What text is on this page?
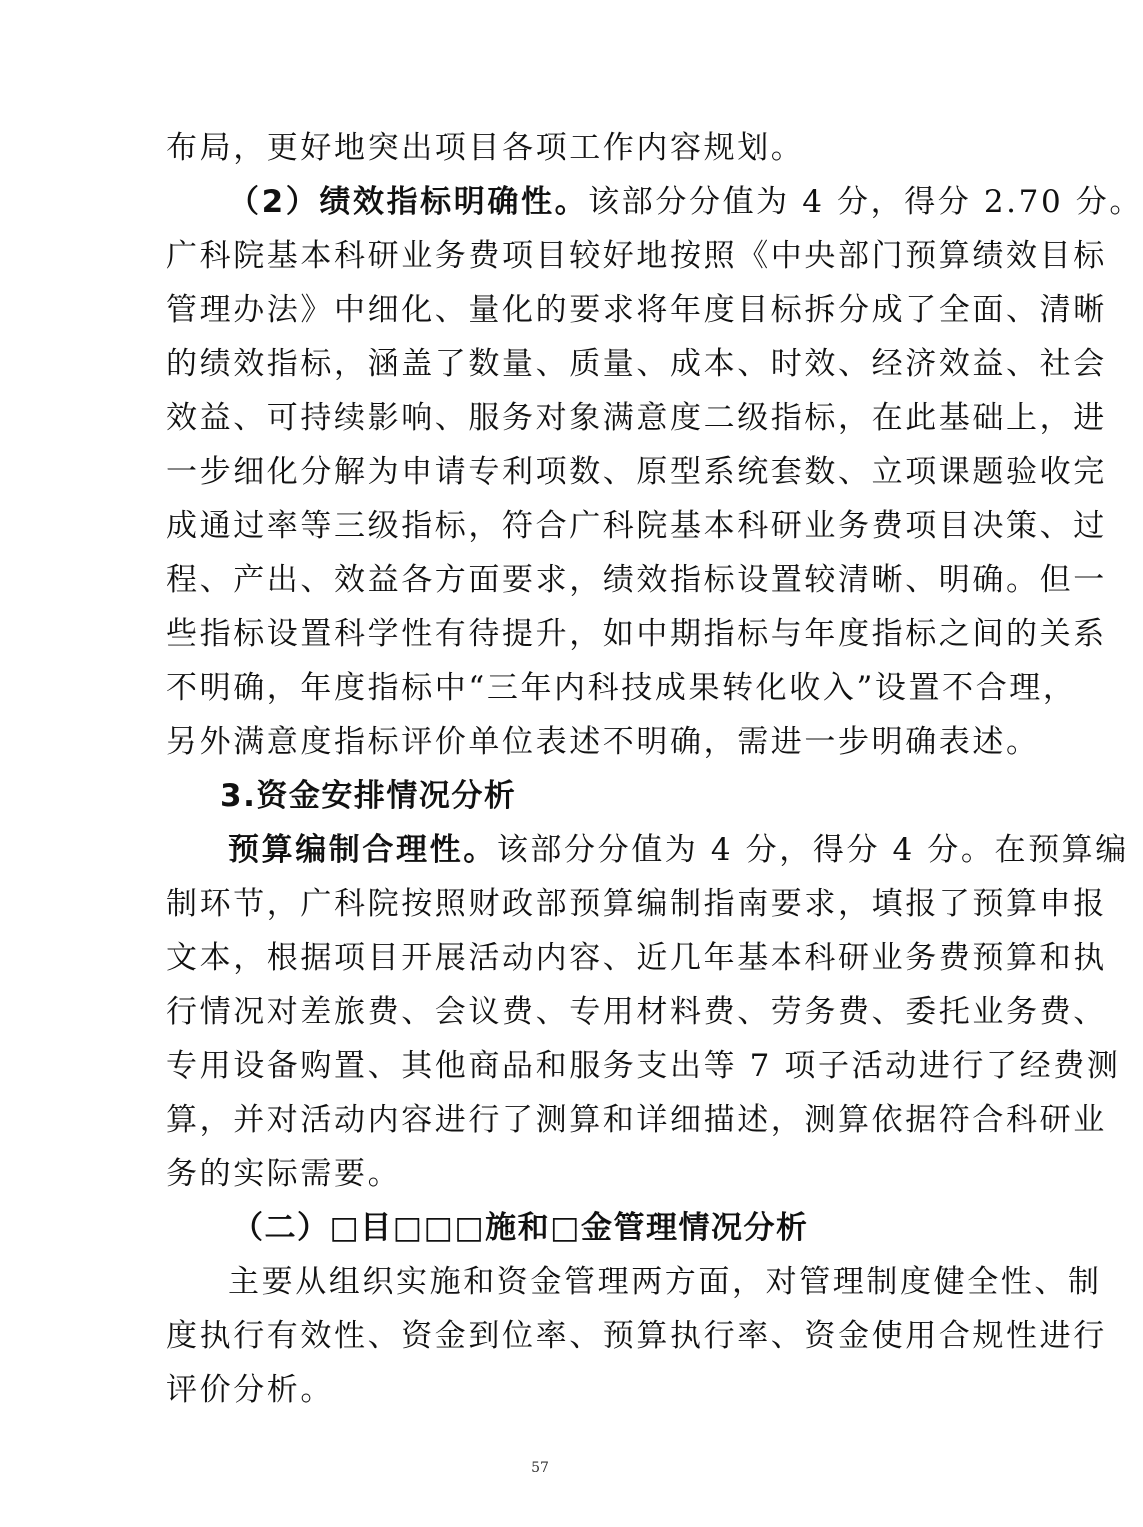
布局，更好地突出项目各项工作内容规划。
（2）绩效指标明确性。该部分分值为 4 分，得分 2.70 分。
广科院基本科研业务费项目较好地按照《中央部门预算绩效目标
管理办法》中细化、量化的要求将年度目标拆分成了全面、清晰
的绩效指标，涵盖了数量、质量、成本、时效、经济效益、社会
效益、可持续影响、服务对象满意度二级指标，在此基础上，进
一步细化分解为申请专利项数、原型系统套数、立项课题验收完
成通过率等三级指标，符合广科院基本科研业务费项目决策、过
程、产出、效益各方面要求，绩效指标设置较清晰、明确。但一
些指标设置科学性有待提升，如中期指标与年度指标之间的关系
不明确，年度指标中“三年内科技成果转化收入”设置不合理，
另外满意度指标评价单位表述不明确，需进一步明确表述。
3.资金安排情况分析
预算编制合理性。该部分分值为 4 分，得分 4 分。在预算编
制环节，广科院按照财政部预算编制指南要求，填报了预算申报
文本，根据项目开展活动内容、近几年基本科研业务费预算和执
行情况对差旅费、会议费、专用材料费、劳务费、委托业务费、
专用设备购置、其他商品和服务支出等 7 项子活动进行了经费测
算，并对活动内容进行了测算和详细描述，测算依据符合科研业
务的实际需要。
（二）□目□□□施和□金管理情况分析
主要从组织实施和资金管理两方面，对管理制度健全性、制
度执行有效性、资金到位率、预算执行率、资金使用合规性进行
评价分析。
57
